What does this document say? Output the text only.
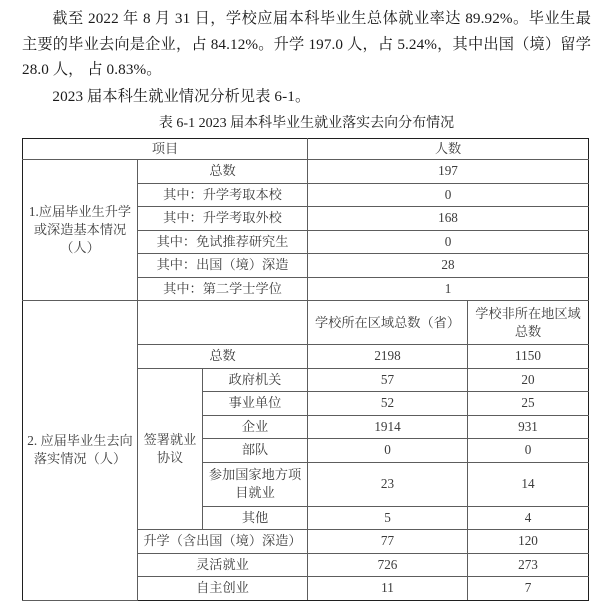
截至 2022 年 8 月 31 日，学校应届本科毕业生总体就业率达 89.92%。毕业生最主要的毕业去向是企业，占 84.12%。升学 197.0 人，占 5.24%，其中出国（境）留学 28.0 人， 占 0.83%。

2023 届本科生就业情况分析见表 6-1。

表 6-1 2023 届本科毕业生就业落实去向分布情况
项目			人数	
1.应届毕业生升学或深造基本情况（人）	总数		197	
	其中：升学考取本校		0	
	其中：升学考取外校		168	
	其中：免试推荐研究生		0	
	其中：出国（境）深造		28	
	其中：第二学士学位		1	
2. 应届毕业生去向落实情况（人）			学校所在区域总数（省）	学校非所在地区域总数
	总数		2198	1150
	签署就业协议	政府机关	57	20
		事业单位	52	25
		企业	1914	931
		部队	0	0
		参加国家地方项目就业	23	14
		其他	5	4
	升学（含出国（境）深造）		77	120
	灵活就业		726	273
	自主创业		11	7
